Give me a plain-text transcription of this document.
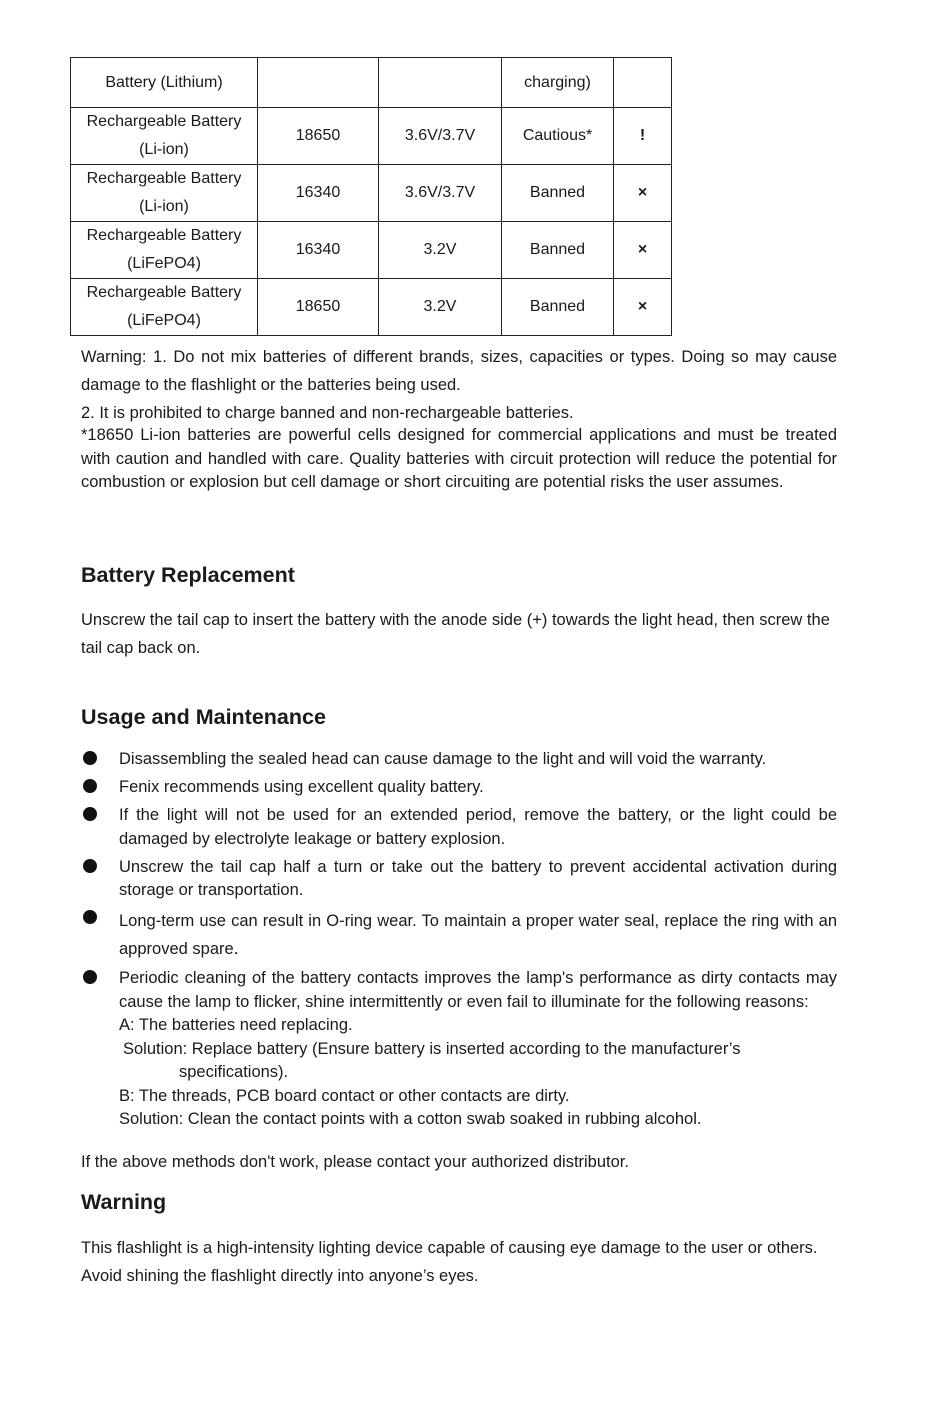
Battery (Lithium)			charging)	
Rechargeable Battery
(Li-ion)	18650	3.6V/3.7V	Cautious*	!
Rechargeable Battery
(Li-ion)	16340	3.6V/3.7V	Banned	×
Rechargeable Battery
(LiFePO4)	16340	3.2V	Banned	×
Rechargeable Battery
(LiFePO4)	18650	3.2V	Banned	×

Warning: 1. Do not mix batteries of different brands, sizes, capacities or types. Doing so may cause damage to the flashlight or the batteries being used.

2. It is prohibited to charge banned and non-rechargeable batteries.

*18650 Li-ion batteries are powerful cells designed for commercial applications and must be treated with caution and handled with care. Quality batteries with circuit protection will reduce the potential for combustion or explosion but cell damage or short circuiting are potential risks the user assumes.

Battery Replacement

Unscrew the tail cap to insert the battery with the anode side (+) towards the light head, then screw the tail cap back on.

Usage and Maintenance
Disassembling the sealed head can cause damage to the light and will void the warranty.
Fenix recommends using excellent quality battery.
If the light will not be used for an extended period, remove the battery, or the light could be damaged by electrolyte leakage or battery explosion.
Unscrew the tail cap half a turn or take out the battery to prevent accidental activation during storage or transportation.
Long-term use can result in O-ring wear. To maintain a proper water seal, replace the ring with an approved spare．
Periodic cleaning of the battery contacts improves the lamp's performance as dirty contacts may cause the lamp to flicker, shine intermittently or even fail to illuminate for the following reasons:
A: The batteries need replacing.
Solution: Replace battery (Ensure battery is inserted according to the manufacturer’s
specifications).
B: The threads, PCB board contact or other contacts are dirty.
Solution: Clean the contact points with a cotton swab soaked in rubbing alcohol.

If the above methods don't work, please contact your authorized distributor.

Warning

This flashlight is a high-intensity lighting device capable of causing eye damage to the user or others. Avoid shining the flashlight directly into anyone’s eyes.
